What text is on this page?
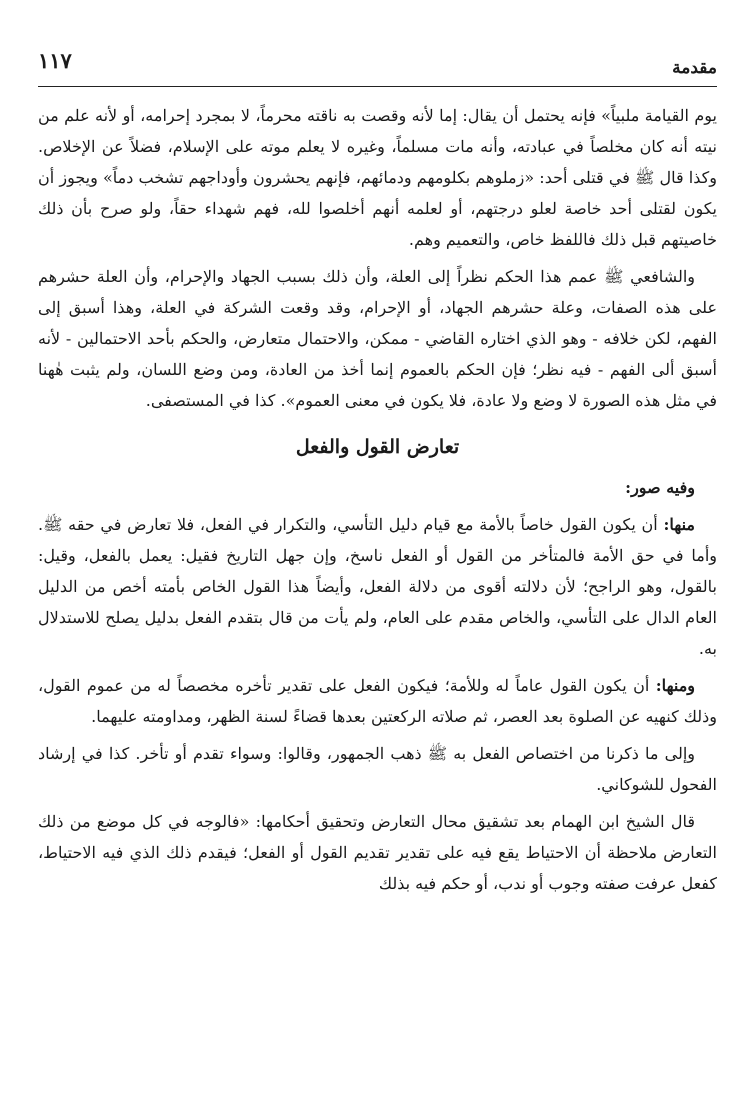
مقدمة
١١٧

يوم القيامة ملبياً» فإنه يحتمل أن يقال: إما لأنه وقصت به ناقته محرماً، لا بمجرد إحرامه، أو لأنه علم من نيته أنه كان مخلصاً في عبادته، وأنه مات مسلماً، وغيره لا يعلم موته على الإسلام، فضلاً عن الإخلاص. وكذا قال ﷺ في قتلى أحد: «زملوهم بكلومهم ودمائهم، فإنهم يحشرون وأوداجهم تشخب دماً» ويجوز أن يكون لقتلى أحد خاصة لعلو درجتهم، أو لعلمه أنهم أخلصوا لله، فهم شهداء حقاً، ولو صرح بأن ذلك خاصيتهم قبل ذلك فاللفظ خاص، والتعميم وهم.

والشافعي ﷺ عمم هذا الحكم نظراً إلى العلة، وأن ذلك بسبب الجهاد والإحرام، وأن العلة حشرهم على هذه الصفات، وعلة حشرهم الجهاد، أو الإحرام، وقد وقعت الشركة في العلة، وهذا أسبق إلى الفهم، لكن خلافه - وهو الذي اختاره القاضي - ممكن، والاحتمال متعارض، والحكم بأحد الاحتمالين - لأنه أسبق ألى الفهم - فيه نظر؛ فإن الحكم بالعموم إنما أخذ من العادة، ومن وضع اللسان، ولم يثبت هٰهنا في مثل هذه الصورة لا وضع ولا عادة، فلا يكون في معنى العموم». كذا في المستصفى.

تعارض القول والفعل

وفيه صور:

منها: أن يكون القول خاصاً بالأمة مع قيام دليل التأسي، والتكرار في الفعل، فلا تعارض في حقه ﷺ. وأما في حق الأمة فالمتأخر من القول أو الفعل ناسخ، وإن جهل التاريخ فقيل: يعمل بالفعل، وقيل: بالقول، وهو الراجح؛ لأن دلالته أقوى من دلالة الفعل، وأيضاً هذا القول الخاص بأمته أخص من الدليل العام الدال على التأسي، والخاص مقدم على العام، ولم يأت من قال بتقدم الفعل بدليل يصلح للاستدلال به.

ومنها: أن يكون القول عاماً له وللأمة؛ فيكون الفعل على تقدير تأخره مخصصاً له من عموم القول، وذلك كنهيه عن الصلوة بعد العصر، ثم صلاته الركعتين بعدها قضاءً لسنة الظهر، ومداومته عليهما.

وإلى ما ذكرنا من اختصاص الفعل به ﷺ ذهب الجمهور، وقالوا: وسواء تقدم أو تأخر. كذا في إرشاد الفحول للشوكاني.

قال الشيخ ابن الهمام بعد تشقيق محال التعارض وتحقيق أحكامها: «فالوجه في كل موضع من ذلك التعارض ملاحظة أن الاحتياط يقع فيه على تقدير تقديم القول أو الفعل؛ فيقدم ذلك الذي فيه الاحتياط، كفعل عرفت صفته وجوب أو ندب، أو حكم فيه بذلك
